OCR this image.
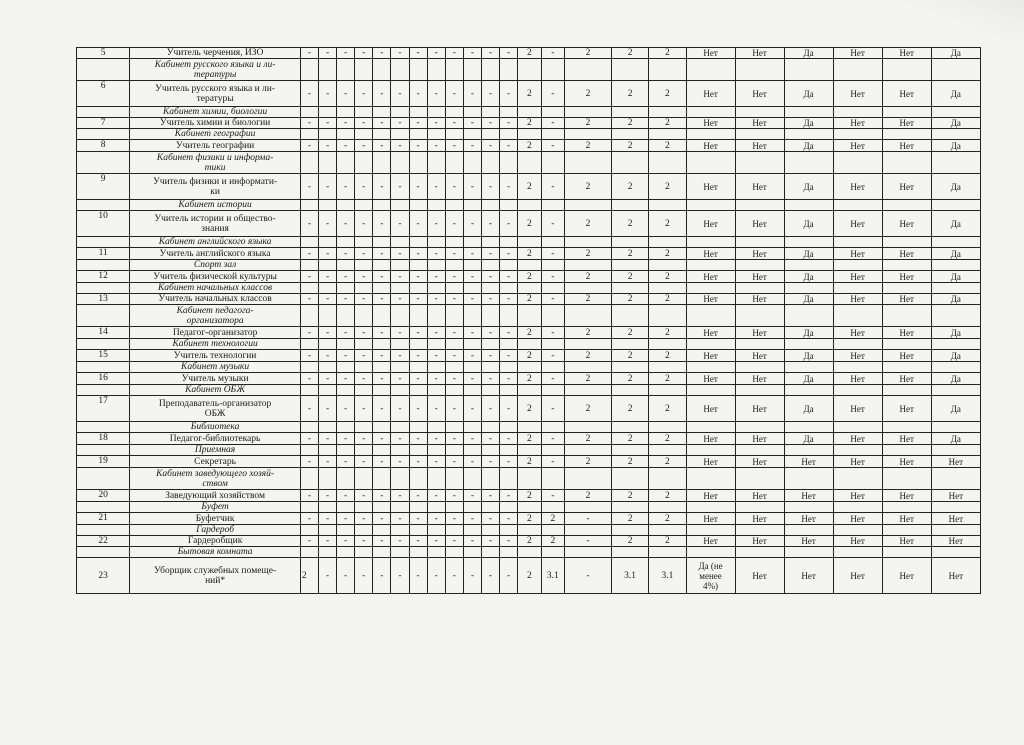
5	Учитель черчения, ИЗО	-	-	-	-	-	-	-	-	-	-	-	-	2	-	2	2	2	Нет	Нет	Да	Нет	Нет	Да
	Кабинет русского языка и ли-
тературы																							
6	Учитель русского языка и ли-
тературы	-	-	-	-	-	-	-	-	-	-	-	-	2	-	2	2	2	Нет	Нет	Да	Нет	Нет	Да
	Кабинет химии, биологии																							
7	Учитель химии и биологии	-	-	-	-	-	-	-	-	-	-	-	-	2	-	2	2	2	Нет	Нет	Да	Нет	Нет	Да
	Кабинет географии																							
8	Учитель географии	-	-	-	-	-	-	-	-	-	-	-	-	2	-	2	2	2	Нет	Нет	Да	Нет	Нет	Да
	Кабинет физики и информа-
тики																							
9	Учитель физики и информати-
ки	-	-	-	-	-	-	-	-	-	-	-	-	2	-	2	2	2	Нет	Нет	Да	Нет	Нет	Да
	Кабинет истории																							
10	Учитель истории и общество-
знания	-	-	-	-	-	-	-	-	-	-	-	-	2	-	2	2	2	Нет	Нет	Да	Нет	Нет	Да
	Кабинет английского языка																							
11	Учитель английского языка	-	-	-	-	-	-	-	-	-	-	-	-	2	-	2	2	2	Нет	Нет	Да	Нет	Нет	Да
	Спорт зал																							
12	Учитель физической культуры	-	-	-	-	-	-	-	-	-	-	-	-	2	-	2	2	2	Нет	Нет	Да	Нет	Нет	Да
	Кабинет начальных классов																							
13	Учитель начальных классов	-	-	-	-	-	-	-	-	-	-	-	-	2	-	2	2	2	Нет	Нет	Да	Нет	Нет	Да
	Кабинет педагога-
организатора																							
14	Педагог-организатор	-	-	-	-	-	-	-	-	-	-	-	-	2	-	2	2	2	Нет	Нет	Да	Нет	Нет	Да
	Кабинет технологии																							
15	Учитель технологии	-	-	-	-	-	-	-	-	-	-	-	-	2	-	2	2	2	Нет	Нет	Да	Нет	Нет	Да
	Кабинет музыки																							
16	Учитель музыки	-	-	-	-	-	-	-	-	-	-	-	-	2	-	2	2	2	Нет	Нет	Да	Нет	Нет	Да
	Кабинет ОБЖ																							
17	Преподаватель-организатор
ОБЖ	-	-	-	-	-	-	-	-	-	-	-	-	2	-	2	2	2	Нет	Нет	Да	Нет	Нет	Да
	Библиотека																							
18	Педагог-библиотекарь	-	-	-	-	-	-	-	-	-	-	-	-	2	-	2	2	2	Нет	Нет	Да	Нет	Нет	Да
	Приемная																							
19	Секретарь	-	-	-	-	-	-	-	-	-	-	-	-	2	-	2	2	2	Нет	Нет	Нет	Нет	Нет	Нет
	Кабинет заведующего хозяй-
ством																							
20	Заведующий хозяйством	-	-	-	-	-	-	-	-	-	-	-	-	2	-	2	2	2	Нет	Нет	Нет	Нет	Нет	Нет
	Буфет																							
21	Буфетчик	-	-	-	-	-	-	-	-	-	-	-	-	2	2	-	2	2	Нет	Нет	Нет	Нет	Нет	Нет
	Гардероб																							
22	Гардеробщик	-	-	-	-	-	-	-	-	-	-	-	-	2	2	-	2	2	Нет	Нет	Нет	Нет	Нет	Нет
	Бытовая комната																							
23	Уборщик служебных помеще-
ний*	2	-	-	-	-	-	-	-	-	-	-	-	2	3.1	-	3.1	3.1	Да (не
менее
4%)	Нет	Нет	Нет	Нет	Нет
